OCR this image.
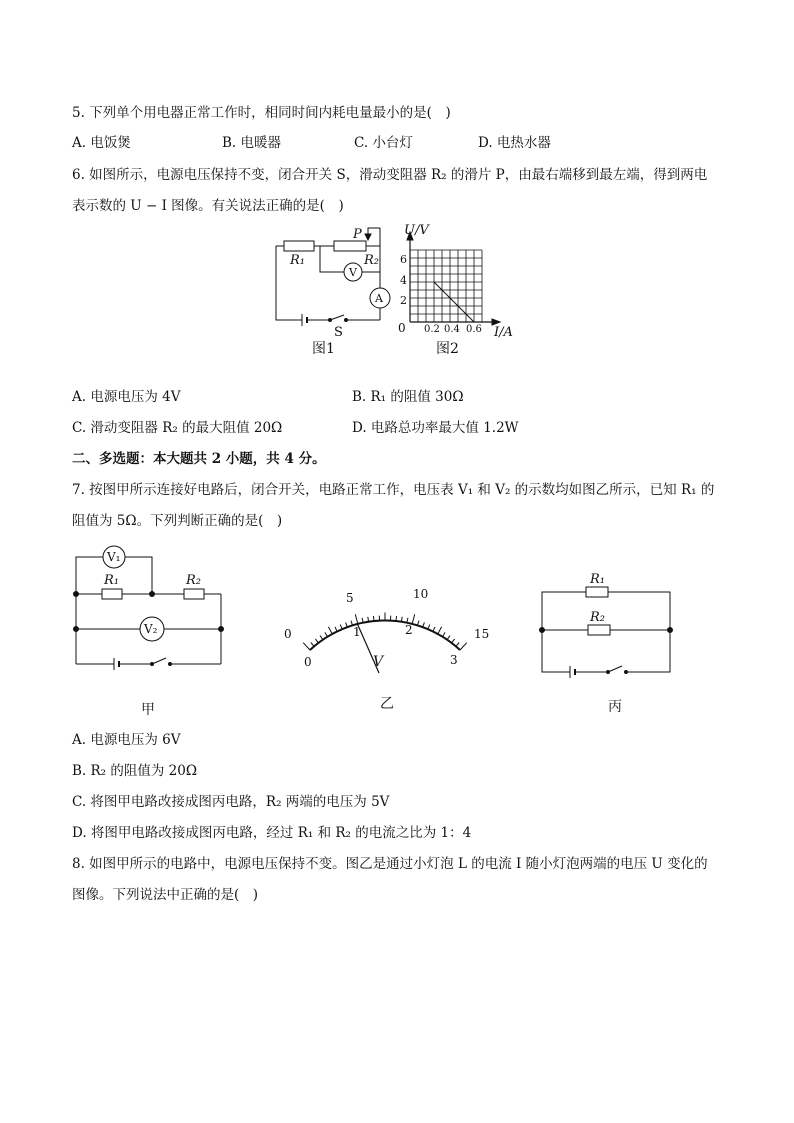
5. 下列单个用电器正常工作时，相同时间内耗电量最小的是(　)
A. 电饭煲	B. 电暖器	C. 小台灯	D. 电热水器
6. 如图所示，电源电压保持不变，闭合开关 S，滑动变阻器 R₂ 的滑片 P，由最右端移到最左端，得到两电
表示数的 U − I 图像。有关说法正确的是(　)
R₁	R₂
P
V
A
S
图1
U/V
I/A
6
4
2
0 0.2 0.4 0.6
图2
A. 电源电压为 4V	B. R₁ 的阻值 30Ω
C. 滑动变阻器 R₂ 的最大阻值 20Ω	D. 电路总功率最大值 1.2W
二、多选题：本大题共 2 小题，共 4 分。
7. 按图甲所示连接好电路后，闭合开关，电路正常工作，电压表 V₁ 和 V₂ 的示数均如图乙所示，已知 R₁ 的
阻值为 5Ω。下列判断正确的是(　)
V₁
V₂
R₁	R₂
甲
0
5	10
15
0
1	2
3
V
乙
R₁
R₂
丙
A. 电源电压为 6V
B. R₂ 的阻值为 20Ω
C. 将图甲电路改接成图丙电路，R₂ 两端的电压为 5V
D. 将图甲电路改接成图丙电路，经过 R₁ 和 R₂ 的电流之比为 1：4
8. 如图甲所示的电路中，电源电压保持不变。图乙是通过小灯泡 L 的电流 I 随小灯泡两端的电压 U 变化的
图像。下列说法中正确的是(　)
